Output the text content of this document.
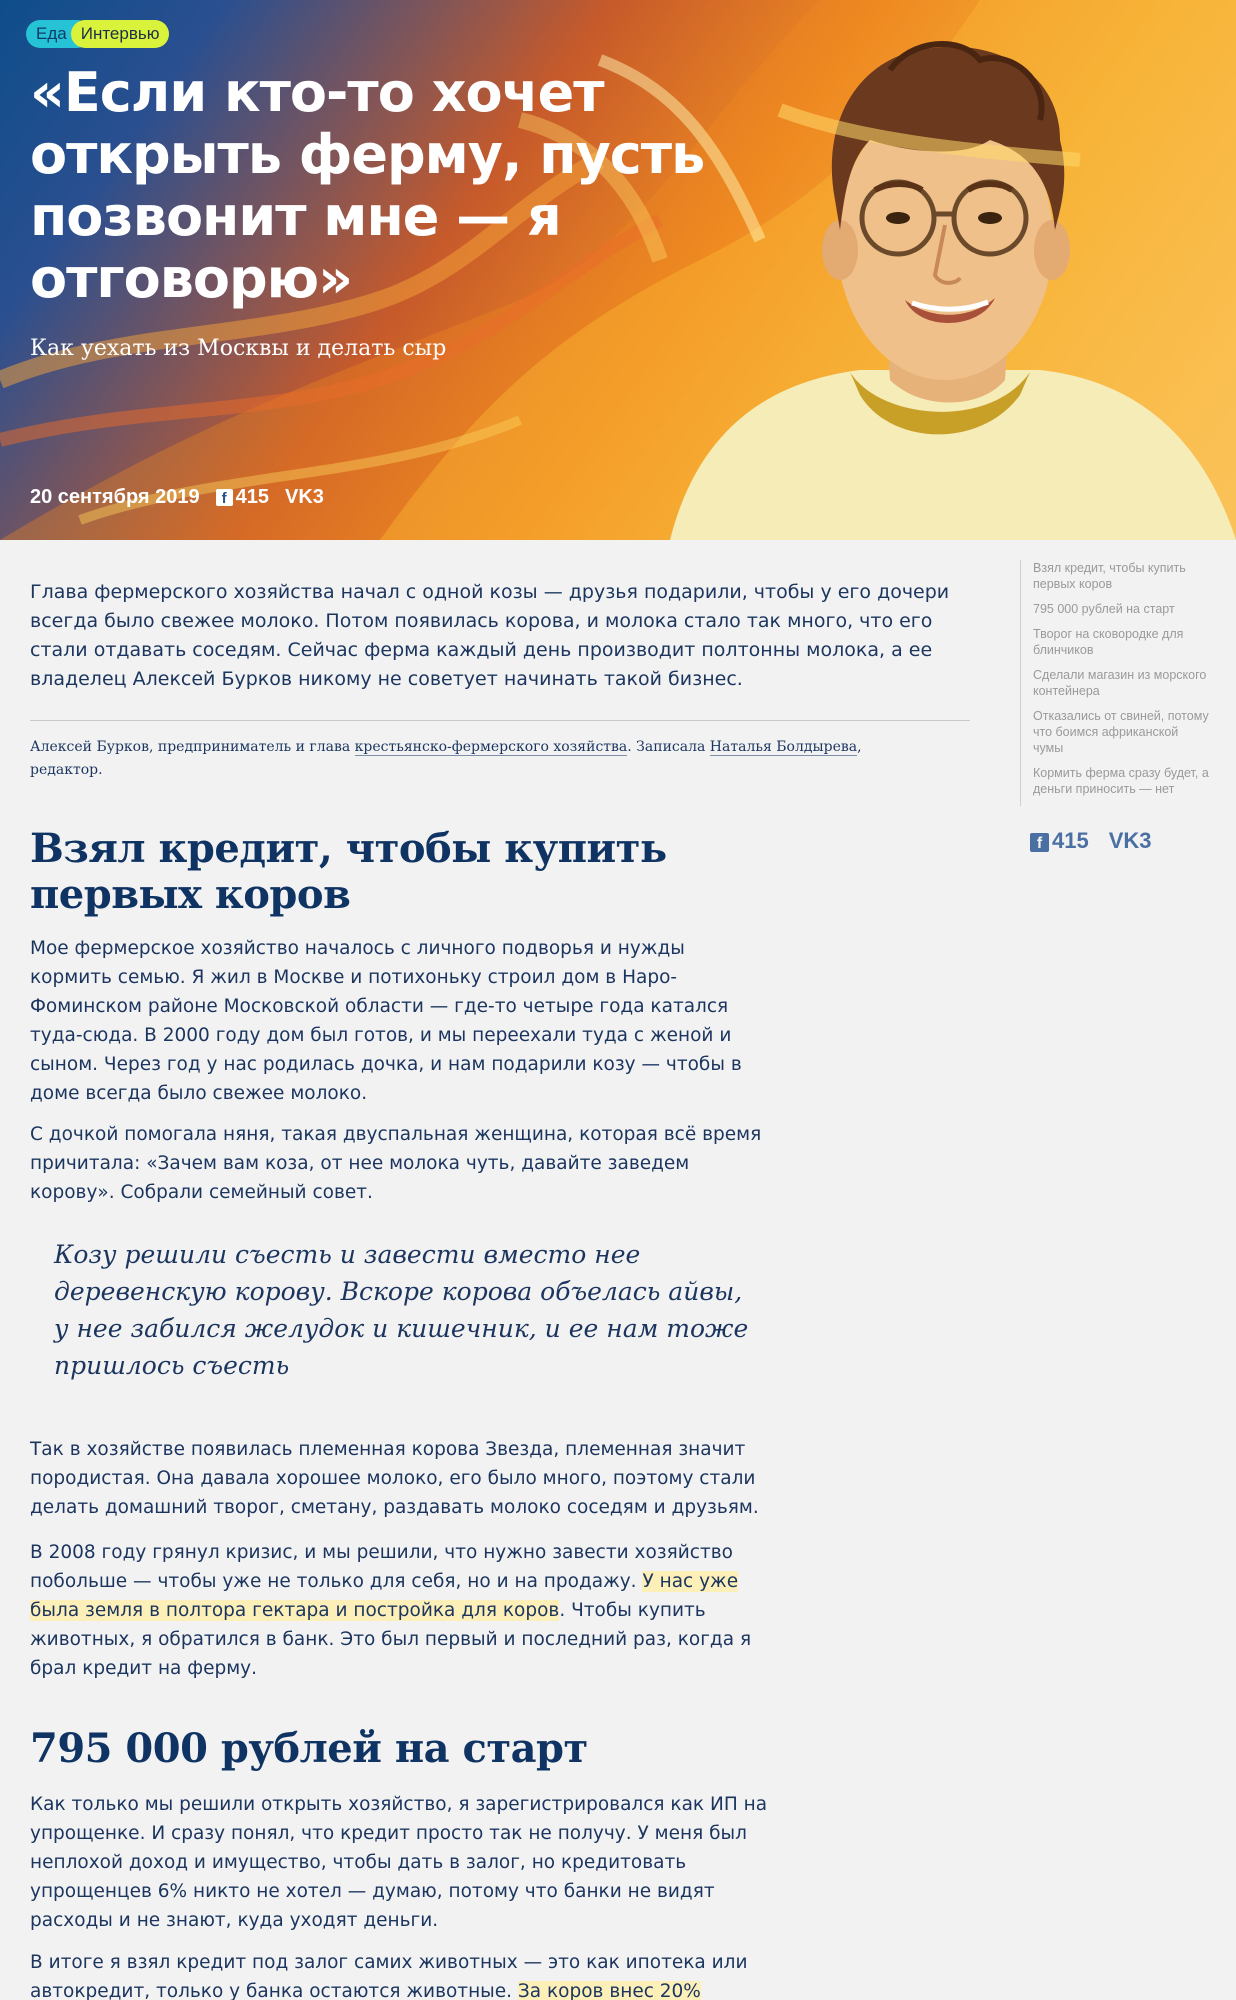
Еда Интервью
«Если кто-то хочет открыть ферму, пусть позвонит мне — я отговорю»
Как уехать из Москвы и делать сыр
20 сентября 2019	f 415 VK3

Глава фермерского хозяйства начал с одной козы — друзья подарили, чтобы у его дочери всегда было свежее молоко. Потом появилась корова, и молока стало так много, что его стали отдавать соседям. Сейчас ферма каждый день производит полтонны молока, а ее владелец Алексей Бурков никому не советует начинать такой бизнес.

Алексей Бурков, предприниматель и глава крестьянско-фермерского хозяйства. Записала Наталья Болдырева, редактор.

Взял кредит, чтобы купить первых коров

Мое фермерское хозяйство началось с личного подворья и нужды кормить семью. Я жил в Москве и потихоньку строил дом в Наро-Фоминском районе Московской области — где-то четыре года катался туда-сюда. В 2000 году дом был готов, и мы переехали туда с женой и сыном. Через год у нас родилась дочка, и нам подарили козу — чтобы в доме всегда было свежее молоко.

С дочкой помогала няня, такая двуспальная женщина, которая всё время причитала: «Зачем вам коза, от нее молока чуть, давайте заведем корову». Собрали семейный совет.

Козу решили съесть и завести вместо нее деревенскую корову. Вскоре корова объелась айвы, у нее забился желудок и кишечник, и ее нам тоже пришлось съесть

Так в хозяйстве появилась племенная корова Звезда, племенная значит породистая. Она давала хорошее молоко, его было много, поэтому стали делать домашний творог, сметану, раздавать молоко соседям и друзьям.

В 2008 году грянул кризис, и мы решили, что нужно завести хозяйство побольше — чтобы уже не только для себя, но и на продажу. У нас уже была земля в полтора гектара и постройка для коров. Чтобы купить животных, я обратился в банк. Это был первый и последний раз, когда я брал кредит на ферму.

795 000 рублей на старт

Как только мы решили открыть хозяйство, я зарегистрировался как ИП на упрощенке. И сразу понял, что кредит просто так не получу. У меня был неплохой доход и имущество, чтобы дать в залог, но кредитовать упрощенцев 6% никто не хотел — думаю, потому что банки не видят расходы и не знают, куда уходят деньги.

В итоге я взял кредит под залог самих животных — это как ипотека или автокредит, только у банка остаются животные. За коров внес 20%

Взял кредит, чтобы купить первых коров
795 000 рублей на старт
Творог на сковородке для блинчиков
Сделали магазин из морского контейнера
Отказались от свиней, потому что боимся африканской чумы
Кормить ферма сразу будет, а деньги приносить — нет
f 415 VK3
